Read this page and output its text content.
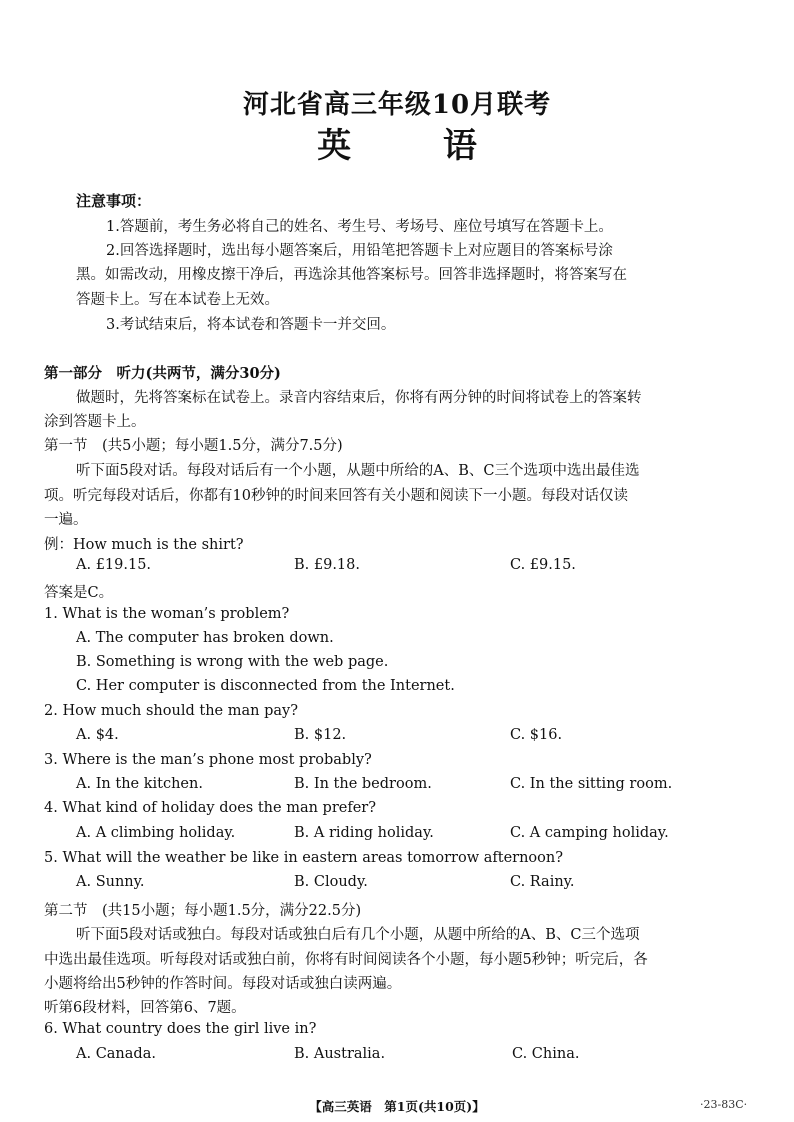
河北省高三年级10月联考
英 语
注意事项：
1.答题前，考生务必将自己的姓名、考生号、考场号、座位号填写在答题卡上。
2.回答选择题时，选出每小题答案后，用铅笔把答题卡上对应题目的答案标号涂
黑。如需改动，用橡皮擦干净后，再选涂其他答案标号。回答非选择题时，将答案写在
答题卡上。写在本试卷上无效。
3.考试结束后，将本试卷和答题卡一并交回。
第一部分　听力(共两节，满分30分)
做题时，先将答案标在试卷上。录音内容结束后，你将有两分钟的时间将试卷上的答案转
涂到答题卡上。
第一节　(共5小题；每小题1.5分，满分7.5分)
听下面5段对话。每段对话后有一个小题，从题中所给的A、B、C三个选项中选出最佳选
项。听完每段对话后，你都有10秒钟的时间来回答有关小题和阅读下一小题。每段对话仅读
一遍。
例：How much is the shirt?
A. £19.15.	B. £9.18.	C. £9.15.
答案是C。
1. What is the woman’s problem?
A. The computer has broken down.
B. Something is wrong with the web page.
C. Her computer is disconnected from the Internet.
2. How much should the man pay?
A. $4.	B. $12.	C. $16.
3. Where is the man’s phone most probably?
A. In the kitchen.	B. In the bedroom.	C. In the sitting room.
4. What kind of holiday does the man prefer?
A. A climbing holiday.	B. A riding holiday.	C. A camping holiday.
5. What will the weather be like in eastern areas tomorrow afternoon?
A. Sunny.	B. Cloudy.	C. Rainy.
第二节　(共15小题；每小题1.5分，满分22.5分)
听下面5段对话或独白。每段对话或独白后有几个小题，从题中所给的A、B、C三个选项
中选出最佳选项。听每段对话或独白前，你将有时间阅读各个小题，每小题5秒钟；听完后，各
小题将给出5秒钟的作答时间。每段对话或独白读两遍。
听第6段材料，回答第6、7题。
6. What country does the girl live in?
A. Canada.	B. Australia.	C. China.
【高三英语　第1页(共10页)】	·23-83C·
